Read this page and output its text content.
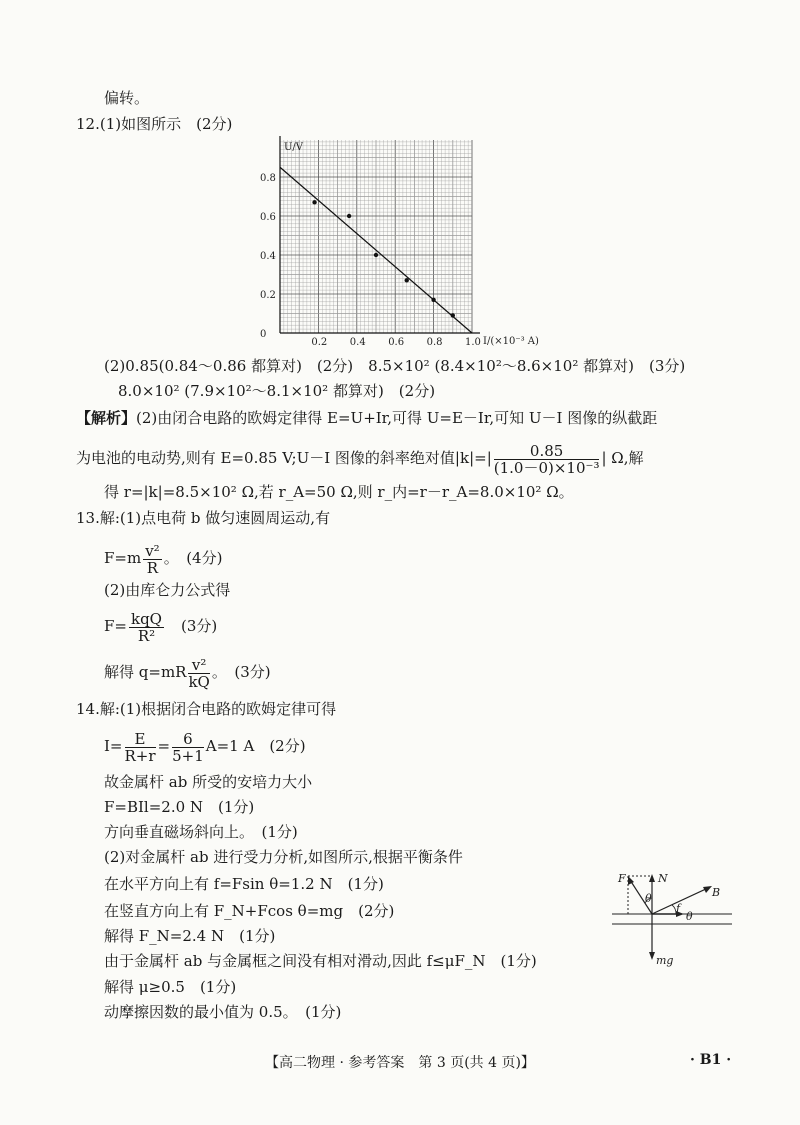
偏转。
12.(1)如图所示　(2分)
0.2 0.4 0.6 0.8 1.0
0
0.2
0.4
0.6
0.8
U/V
I/(×10⁻³ A)
(2)0.85(0.84～0.86 都算对)　(2分)　8.5×10² (8.4×10²～8.6×10² 都算对)　(3分)
8.0×10² (7.9×10²～8.1×10² 都算对)　(2分)
【解析】(2)由闭合电路的欧姆定律得 E=U+Ir,可得 U=E－Ir,可知 U－I 图像的纵截距
为电池的电动势,则有 E=0.85 V;U－I 图像的斜率绝对值$|k|=| \frac{0.85}{\text{(1.0－0)×10⁻³}}$ | Ω,解
得 r=|k|=8.5×10² Ω,若 r_A=50 Ω,则 r_内=r－r_A=8.0×10² Ω。
13.解:(1)点电荷 b 做匀速圆周运动,有
$F=m \frac{\text{v²}}{R}$ 。　(4分)
(2)由库仑力公式得
$F= \frac{\text{kqQ}}{\text{R²}}$ 　(3分)
解得 $q=mR \frac{\text{v²}}{kQ}$ 。　(3分)
14.解:(1)根据闭合电路的欧姆定律可得
$I= \frac{E}{R+r} = \frac{6}{5+1} A=1$ A　(2分)
故金属杆 ab 所受的安培力大小
F=BIl=2.0 N　(1分)
方向垂直磁场斜向上。　(1分)
(2)对金属杆 ab 进行受力分析,如图所示,根据平衡条件
在水平方向上有 f=Fsin θ=1.2 N　(1分)
在竖直方向上有 F_N+Fcos θ=mg　(2分)
解得 F_N=2.4 N　(1分)
由于金属杆 ab 与金属框之间没有相对滑动,因此 f≤μF_N　(1分)
解得 μ≥0.5　(1分)
动摩擦因数的最小值为 0.5。　(1分)
F	N
B
f
θ
θ
mg
【高二物理 · 参考答案　第 3 页(共 4 页)】	· B1 ·
